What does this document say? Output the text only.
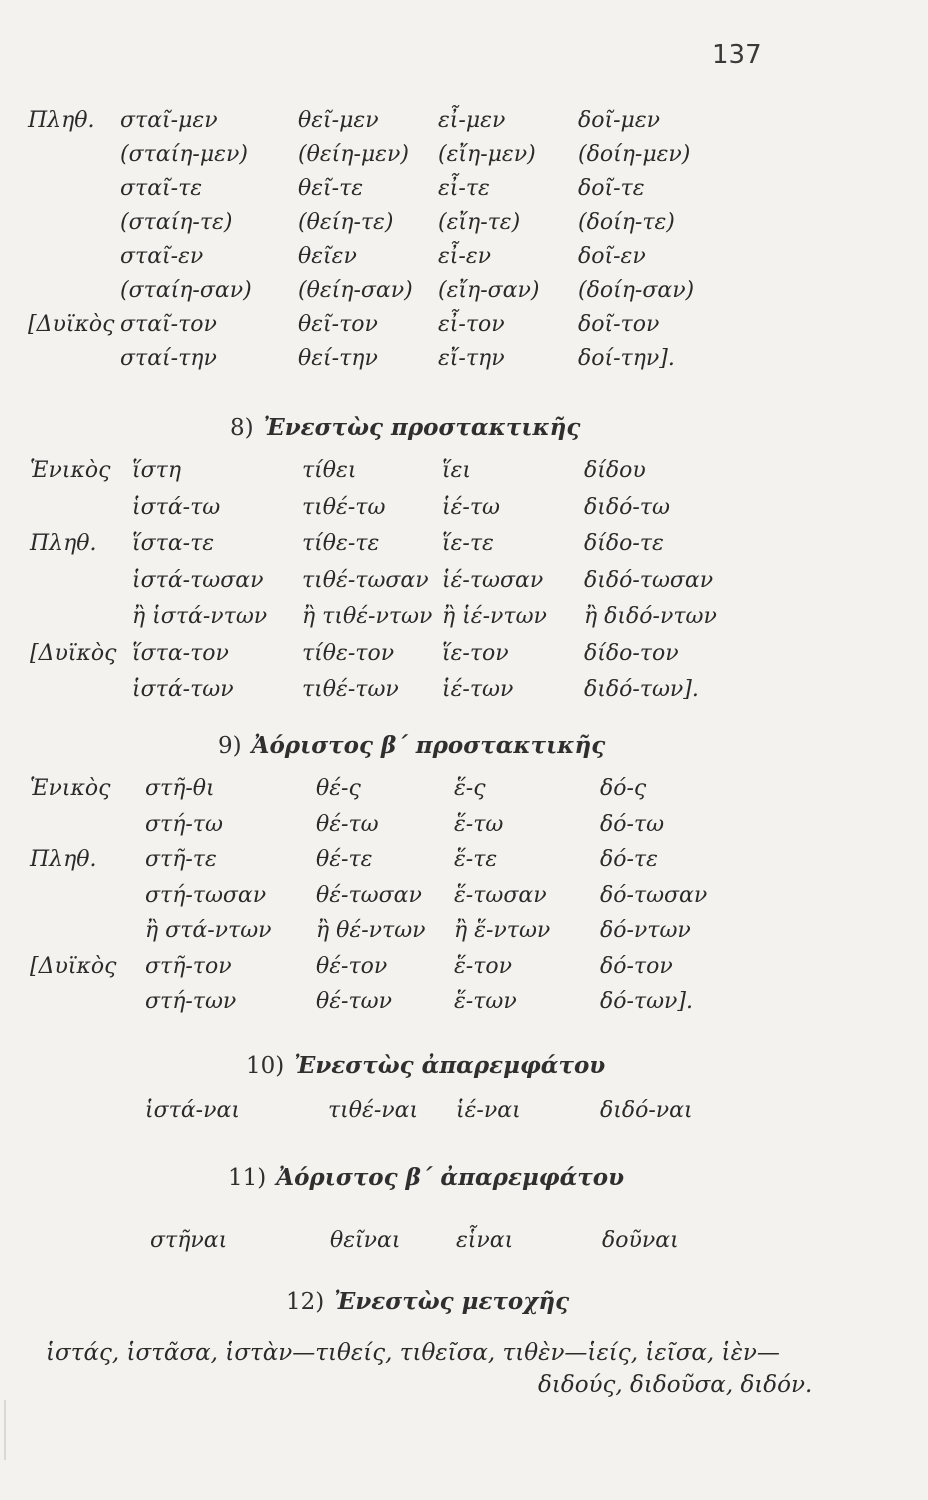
137
Πληθ. σταῖ-μεν	θεῖ-μεν	εἶ-μεν	δοῖ-μεν
(σταίη-μεν) (θείη-μεν) (εἴη-μεν) (δοίη-μεν)
σταῖ-τε	θεῖ-τε	εἶ-τε	δοῖ-τε
(σταίη-τε)	(θείη-τε) (εἴη-τε)	(δοίη-τε)
σταῖ-εν	θεῖεν	εἶ-εν	δοῖ-εν
(σταίη-σαν) (θείη-σαν) (εἴη-σαν) (δοίη-σαν)
[Δυϊκὸς σταῖ-τον	θεῖ-τον	εἶ-τον	δοῖ-τον
σταί-την	θεί-την	εἴ-την	δοί-την].
8) Ἐνεστὼς προστακτικῆς
Ἑνικὸς ἵστη	τίθει	ἵει	δίδου
ἱστά-τω	τιθέ-τω	ἱέ-τω	διδό-τω
Πληθ. ἵστα-τε	τίθε-τε	ἵε-τε	δίδο-τε
ἱστά-τωσαν τιθέ-τωσαν ἱέ-τωσαν διδό-τωσαν
ἢ ἱστά-ντων ἢ τιθέ-ντων ἢ ἱέ-ντων ἢ διδό-ντων
[Δυϊκὸς ἵστα-τον	τίθε-τον ἵε-τον	δίδο-τον
ἱστά-των	τιθέ-των ἱέ-των	διδό-των].
9) Ἀόριστος β΄ προστακτικῆς
Ἑνικὸς στῆ-θι	θέ-ς	ἕ-ς	δό-ς
στή-τω	θέ-τω	ἕ-τω	δό-τω
Πληθ. στῆ-τε	θέ-τε	ἕ-τε	δό-τε
στή-τωσαν θέ-τωσαν ἕ-τωσαν δό-τωσαν
ἢ στά-ντων ἢ θέ-ντων ἢ ἕ-ντων δό-ντων
[Δυϊκὸς στῆ-τον	θέ-τον	ἕ-τον	δό-τον
στή-των	θέ-των	ἕ-των	δό-των].
10) Ἐνεστὼς ἀπαρεμφάτου
ἱστά-ναι	τιθέ-ναι ἱέ-ναι	διδό-ναι
11) Ἀόριστος β΄ ἀπαρεμφάτου
στῆναι	θεῖναι	εἷναι	δοῦναι
12) Ἐνεστὼς μετοχῆς
ἱστάς, ἱστᾶσα, ἱστὰν—τιθείς, τιθεῖσα, τιθὲν—ἱείς, ἱεῖσα, ἱὲν—
διδούς, διδοῦσα, διδόν.
